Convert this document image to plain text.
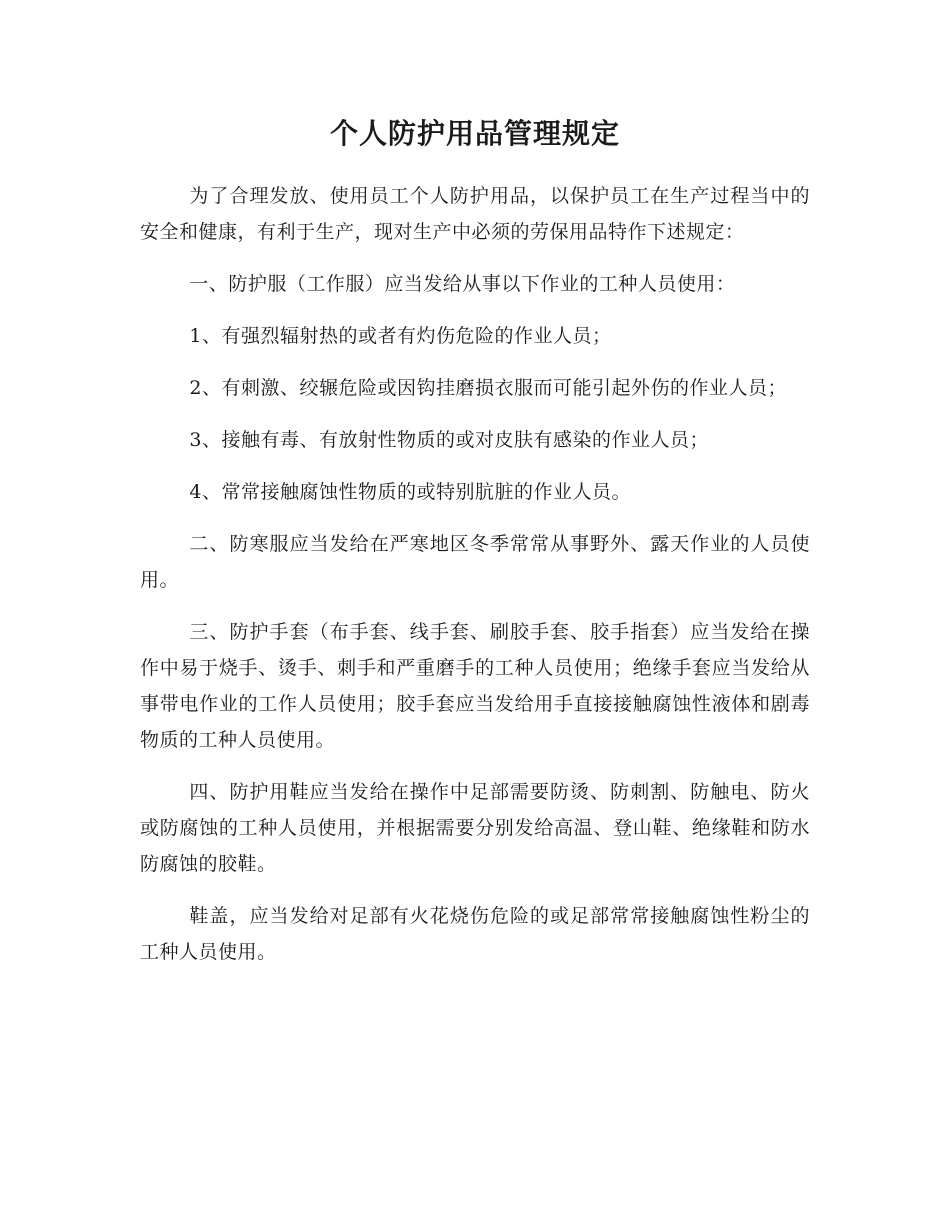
个人防护用品管理规定

为了合理发放、使用员工个人防护用品，以保护员工在生产过程当中的安全和健康，有利于生产，现对生产中必须的劳保用品特作下述规定：

一、防护服（工作服）应当发给从事以下作业的工种人员使用：

1、有强烈辐射热的或者有灼伤危险的作业人员；

2、有刺激、绞辗危险或因钩挂磨损衣服而可能引起外伤的作业人员；

3、接触有毒、有放射性物质的或对皮肤有感染的作业人员；

4、常常接触腐蚀性物质的或特别肮脏的作业人员。

二、防寒服应当发给在严寒地区冬季常常从事野外、露天作业的人员使用。

三、防护手套（布手套、线手套、刷胶手套、胶手指套）应当发给在操作中易于烧手、烫手、刺手和严重磨手的工种人员使用；绝缘手套应当发给从事带电作业的工作人员使用；胶手套应当发给用手直接接触腐蚀性液体和剧毒物质的工种人员使用。

四、防护用鞋应当发给在操作中足部需要防烫、防刺割、防触电、防火或防腐蚀的工种人员使用，并根据需要分别发给高温、登山鞋、绝缘鞋和防水防腐蚀的胶鞋。

鞋盖，应当发给对足部有火花烧伤危险的或足部常常接触腐蚀性粉尘的工种人员使用。
